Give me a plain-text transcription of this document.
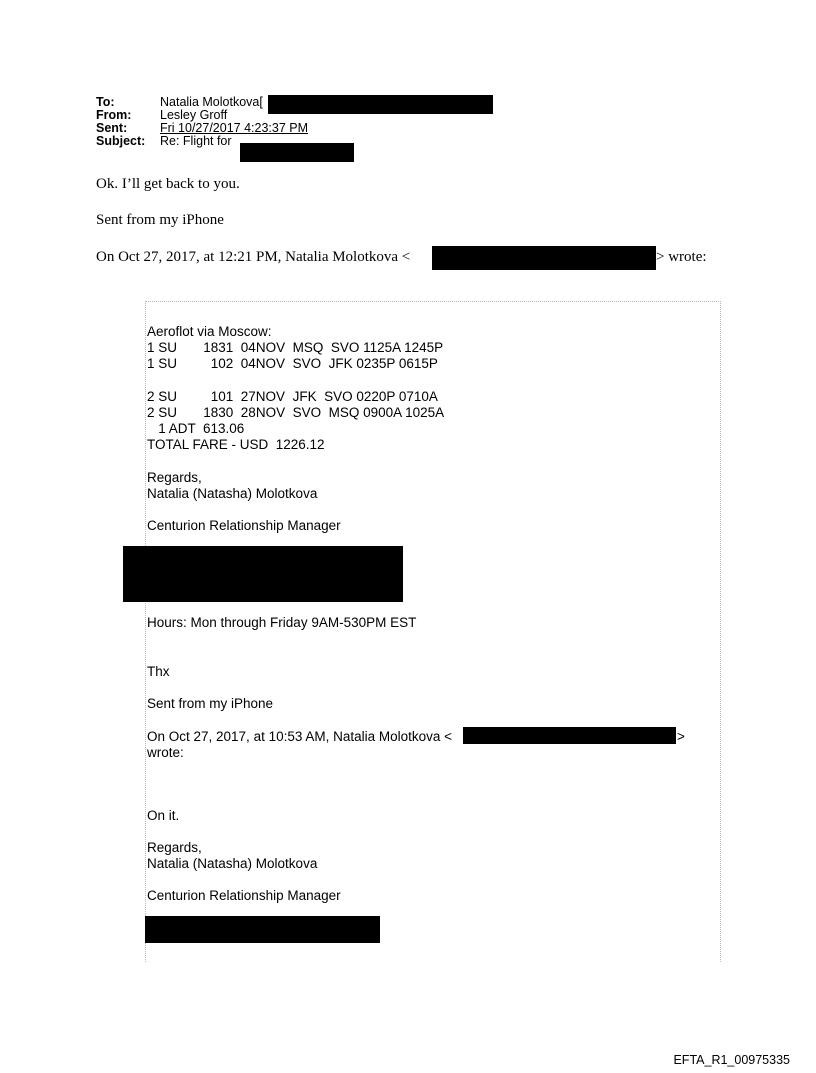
To:	Natalia Molotkova[
From:	Lesley Groff
Sent:	Fri 10/27/2017 4:23:37 PM
Subject:	Re: Flight for
Ok. I’ll get back to you.
Sent from my iPhone
On Oct 27, 2017, at 12:21 PM, Natalia Molotkova <	> wrote:
Aeroflot via Moscow:
1 SU       1831  04NOV  MSQ  SVO 1125A 1245P
1 SU         102  04NOV  SVO  JFK 0235P 0615P
2 SU         101  27NOV  JFK  SVO 0220P 0710A
2 SU       1830  28NOV  SVO  MSQ 0900A 1025A
1 ADT  613.06
TOTAL FARE - USD  1226.12
Regards,
Natalia (Natasha) Molotkova
Centurion Relationship Manager
Hours: Mon through Friday 9AM-530PM EST
Thx
Sent from my iPhone
On Oct 27, 2017, at 10:53 AM, Natalia Molotkova <	>
wrote:
On it.
Regards,
Natalia (Natasha) Molotkova
Centurion Relationship Manager
EFTA_R1_00975335
